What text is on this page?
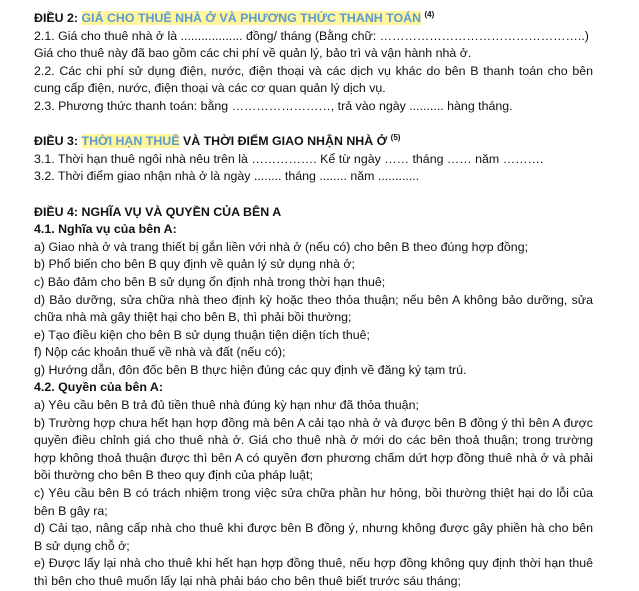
ĐIỀU 2: GIÁ CHO THUÊ NHÀ Ở VÀ PHƯƠNG THỨC THANH TOÁN $^{(4)}$

2.1. Giá cho thuê nhà ở là .................. đồng/ tháng (Bằng chữ: …………………………………………..)

Giá cho thuê này đã bao gồm các chi phí về quản lý, bảo trì và vận hành nhà ở.

2.2. Các chi phí sử dụng điện, nước, điện thoại và các dịch vụ khác do bên B thanh toán cho bên cung cấp điện, nước, điện thoại và các cơ quan quản lý dịch vụ.

2.3. Phương thức thanh toán: bằng ……………………, trả vào ngày .......... hàng tháng.

ĐIỀU 3: THỜI HẠN THUÊ VÀ THỜI ĐIỂM GIAO NHẬN NHÀ Ở $^{(5)}$

3.1. Thời hạn thuê ngôi nhà nêu trên là ……………. Kể từ ngày …… tháng …… năm ……….

3.2. Thời điểm giao nhận nhà ở là ngày ........ tháng ........ năm ............

ĐIỀU 4: NGHĨA VỤ VÀ QUYỀN CỦA BÊN A

4.1. Nghĩa vụ của bên A:

a) Giao nhà ở và trang thiết bị gắn liền với nhà ở (nếu có) cho bên B theo đúng hợp đồng;

b) Phổ biến cho bên B quy định về quản lý sử dụng nhà ở;

c) Bảo đảm cho bên B sử dụng ổn định nhà trong thời hạn thuê;

d) Bảo dưỡng, sửa chữa nhà theo định kỳ hoặc theo thỏa thuận; nếu bên A không bảo dưỡng, sửa chữa nhà mà gây thiệt hại cho bên B, thì phải bồi thường;

e) Tạo điều kiện cho bên B sử dụng thuận tiện diện tích thuê;

f) Nộp các khoản thuế về nhà và đất (nếu có);

g) Hướng dẫn, đôn đốc bên B thực hiện đúng các quy định về đăng ký tạm trú.

4.2. Quyền của bên A:

a) Yêu cầu bên B trả đủ tiền thuê nhà đúng kỳ hạn như đã thỏa thuận;

b) Trường hợp chưa hết hạn hợp đồng mà bên A cải tạo nhà ở và được bên B đồng ý thì bên A được quyền điều chỉnh giá cho thuê nhà ở. Giá cho thuê nhà ở mới do các bên thoả thuận; trong trường hợp không thoả thuận được thì bên A có quyền đơn phương chấm dứt hợp đồng thuê nhà ở và phải bồi thường cho bên B theo quy định của pháp luật;

c) Yêu cầu bên B có trách nhiệm trong việc sửa chữa phần hư hỏng, bồi thường thiệt hại do lỗi của bên B gây ra;

d) Cải tạo, nâng cấp nhà cho thuê khi được bên B đồng ý, nhưng không được gây phiền hà cho bên B sử dụng chỗ ở;

e) Được lấy lại nhà cho thuê khi hết hạn hợp đồng thuê, nếu hợp đồng không quy định thời hạn thuê thì bên cho thuê muốn lấy lại nhà phải báo cho bên thuê biết trước sáu tháng;
